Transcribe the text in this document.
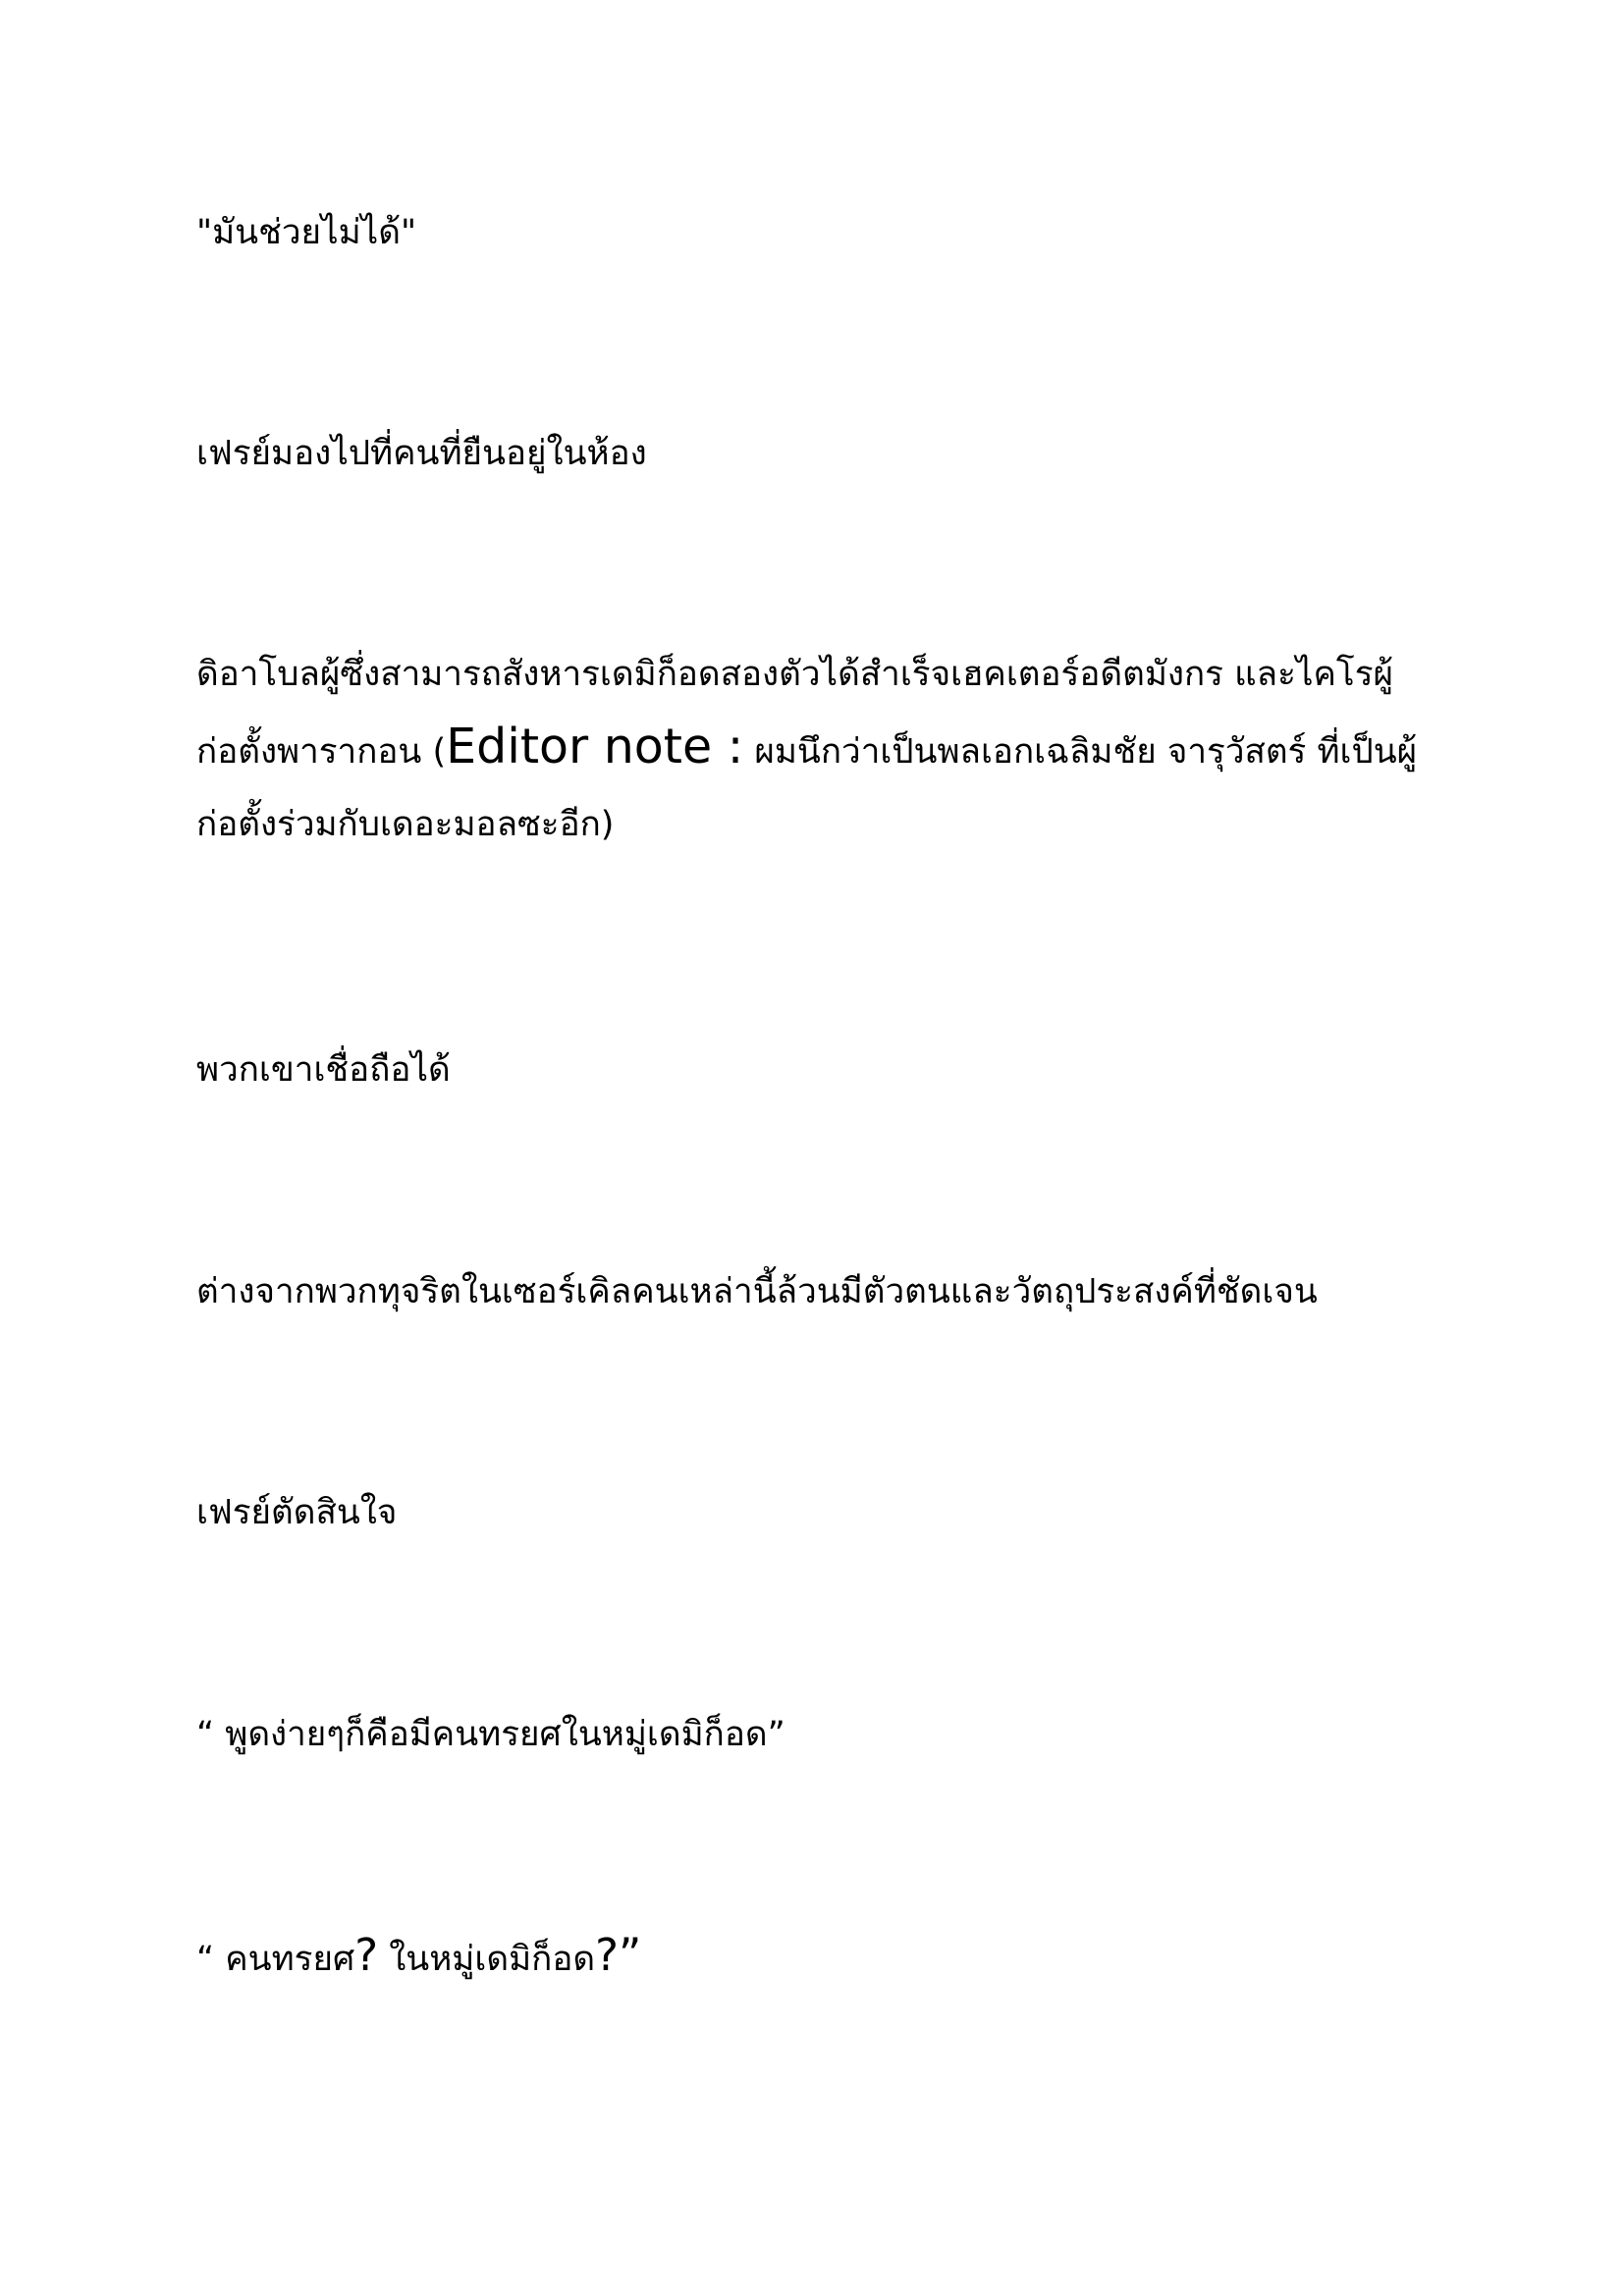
"มันช่วยไม่ได้"

เฟรย์มองไปที่คนที่ยืนอยู่ในห้อง

ดิอาโบลผู้ซึ่งสามารถสังหารเดมิก็อดสองตัวได้สำเร็จเฮคเตอร์อดีตมังกร และไคโรผู้
ก่อตั้งพารากอน (Editor note : ผมนึกว่าเป็นพลเอกเฉลิมชัย จารุวัสตร์ ที่เป็นผู้
ก่อตั้งร่วมกับเดอะมอลซะอีก)

พวกเขาเชื่อถือได้

ต่างจากพวกทุจริตในเซอร์เคิลคนเหล่านี้ล้วนมีตัวตนและวัตถุประสงค์ที่ชัดเจน

เฟรย์ตัดสินใจ

“ พูดง่ายๆก็คือมีคนทรยศในหมู่เดมิก็อด”

“ คนทรยศ? ในหมู่เดมิก็อด?”
